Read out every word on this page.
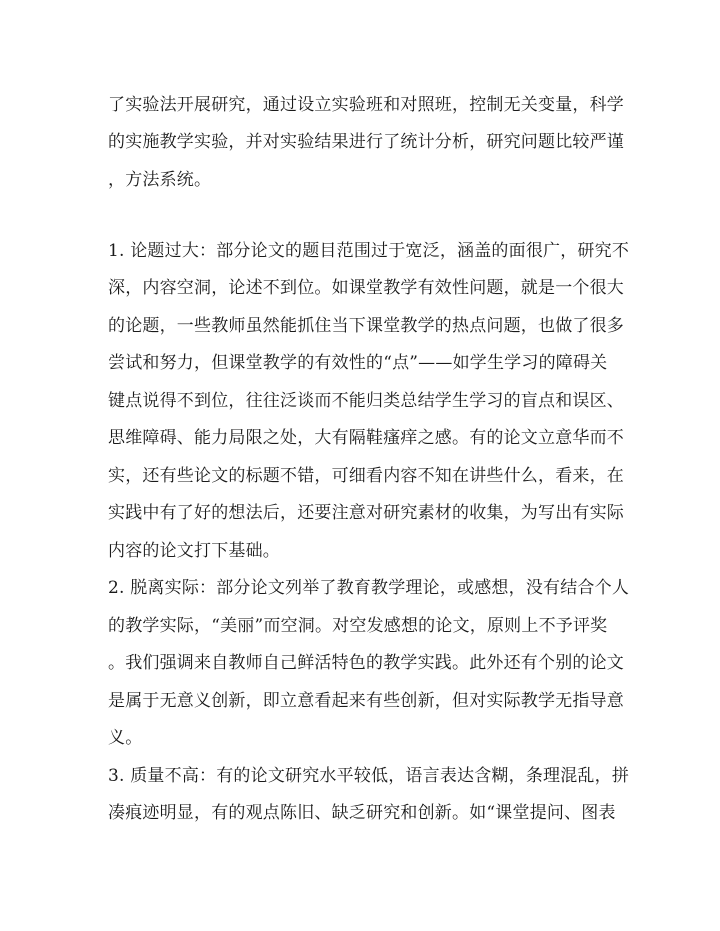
了实验法开展研究，通过设立实验班和对照班，控制无关变量，科学
的实施教学实验，并对实验结果进行了统计分析，研究问题比较严谨
，方法系统。
1. 论题过大：部分论文的题目范围过于宽泛，涵盖的面很广，研究不
深，内容空洞，论述不到位。如课堂教学有效性问题，就是一个很大
的论题，一些教师虽然能抓住当下课堂教学的热点问题，也做了很多
尝试和努力，但课堂教学的有效性的“点”——如学生学习的障碍关
键点说得不到位，往往泛谈而不能归类总结学生学习的盲点和误区、
思维障碍、能力局限之处，大有隔鞋瘙痒之感。有的论文立意华而不
实，还有些论文的标题不错，可细看内容不知在讲些什么，看来，在
实践中有了好的想法后，还要注意对研究素材的收集，为写出有实际
内容的论文打下基础。
2. 脱离实际：部分论文列举了教育教学理论，或感想，没有结合个人
的教学实际，“美丽”而空洞。对空发感想的论文，原则上不予评奖
。我们强调来自教师自己鲜活特色的教学实践。此外还有个别的论文
是属于无意义创新，即立意看起来有些创新，但对实际教学无指导意
义。
3. 质量不高：有的论文研究水平较低，语言表达含糊，条理混乱，拼
凑痕迹明显，有的观点陈旧、缺乏研究和创新。如“课堂提问、图表
